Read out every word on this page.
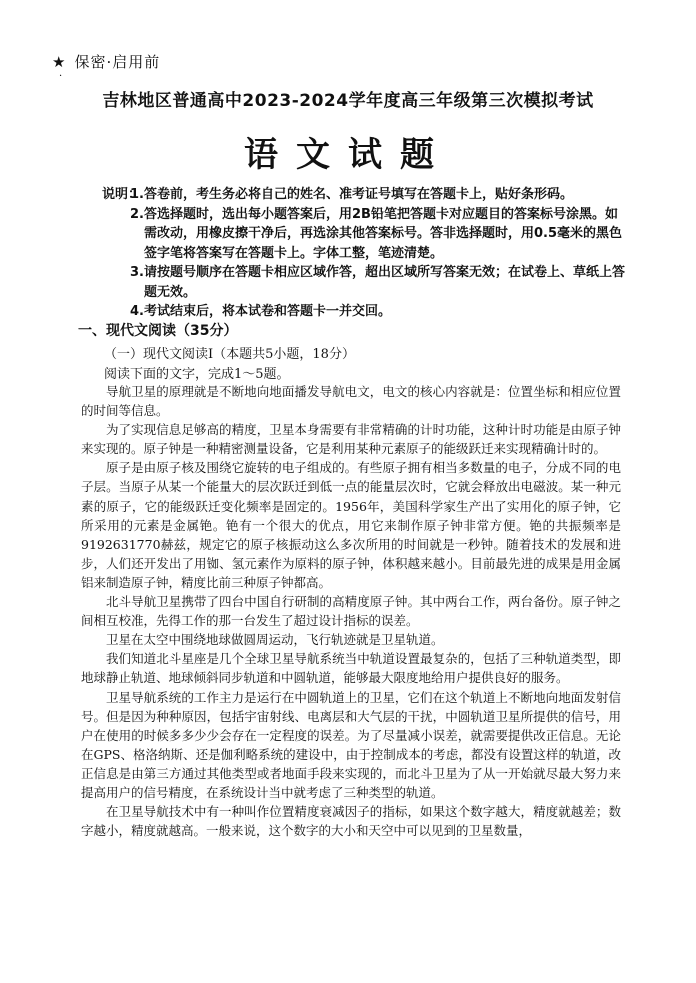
★ 保密·启用前
·
吉林地区普通高中2023-2024学年度高三年级第三次模拟考试
语文试题
说明：

1.答卷前，考生务必将自己的姓名、准考证号填写在答题卡上，贴好条形码。

2.答选择题时，选出每小题答案后，用2B铅笔把答题卡对应题目的答案标号涂黑。如需改动，用橡皮擦干净后，再选涂其他答案标号。答非选择题时，用0.5毫米的黑色签字笔将答案写在答题卡上。字体工整，笔迹清楚。

3.请按题号顺序在答题卡相应区域作答，超出区域所写答案无效；在试卷上、草纸上答题无效。

4.考试结束后，将本试卷和答题卡一并交回。

一、现代文阅读（35分）
（一）现代文阅读Ⅰ（本题共5小题，18分）
阅读下面的文字，完成1～5题。

导航卫星的原理就是不断地向地面播发导航电文，电文的核心内容就是：位置坐标和相应位置的时间等信息。

为了实现信息足够高的精度，卫星本身需要有非常精确的计时功能，这种计时功能是由原子钟来实现的。原子钟是一种精密测量设备，它是利用某种元素原子的能级跃迁来实现精确计时的。

原子是由原子核及围绕它旋转的电子组成的。有些原子拥有相当多数量的电子，分成不同的电子层。当原子从某一个能量大的层次跃迁到低一点的能量层次时，它就会释放出电磁波。某一种元素的原子，它的能级跃迁变化频率是固定的。1956年，美国科学家生产出了实用化的原子钟，它所采用的元素是金属铯。铯有一个很大的优点，用它来制作原子钟非常方便。铯的共振频率是9192631770赫兹，规定它的原子核振动这么多次所用的时间就是一秒钟。随着技术的发展和进步，人们还开发出了用铷、氢元素作为原料的原子钟，体积越来越小。目前最先进的成果是用金属铝来制造原子钟，精度比前三种原子钟都高。

北斗导航卫星携带了四台中国自行研制的高精度原子钟。其中两台工作，两台备份。原子钟之间相互校准，先得工作的那一台发生了超过设计指标的误差。

卫星在太空中围绕地球做圆周运动，飞行轨迹就是卫星轨道。

我们知道北斗星座是几个全球卫星导航系统当中轨道设置最复杂的，包括了三种轨道类型，即地球静止轨道、地球倾斜同步轨道和中圆轨道，能够最大限度地给用户提供良好的服务。

卫星导航系统的工作主力是运行在中圆轨道上的卫星，它们在这个轨道上不断地向地面发射信号。但是因为种种原因，包括宇宙射线、电离层和大气层的干扰，中圆轨道卫星所提供的信号，用户在使用的时候多多少少会存在一定程度的误差。为了尽量减小误差，就需要提供改正信息。无论在GPS、格洛纳斯、还是伽利略系统的建设中，由于控制成本的考虑，都没有设置这样的轨道，改正信息是由第三方通过其他类型或者地面手段来实现的，而北斗卫星为了从一开始就尽最大努力来提高用户的信号精度，在系统设计当中就考虑了三种类型的轨道。

在卫星导航技术中有一种叫作位置精度衰减因子的指标，如果这个数字越大，精度就越差；数字越小，精度就越高。一般来说，这个数字的大小和天空中可以见到的卫星数量，
